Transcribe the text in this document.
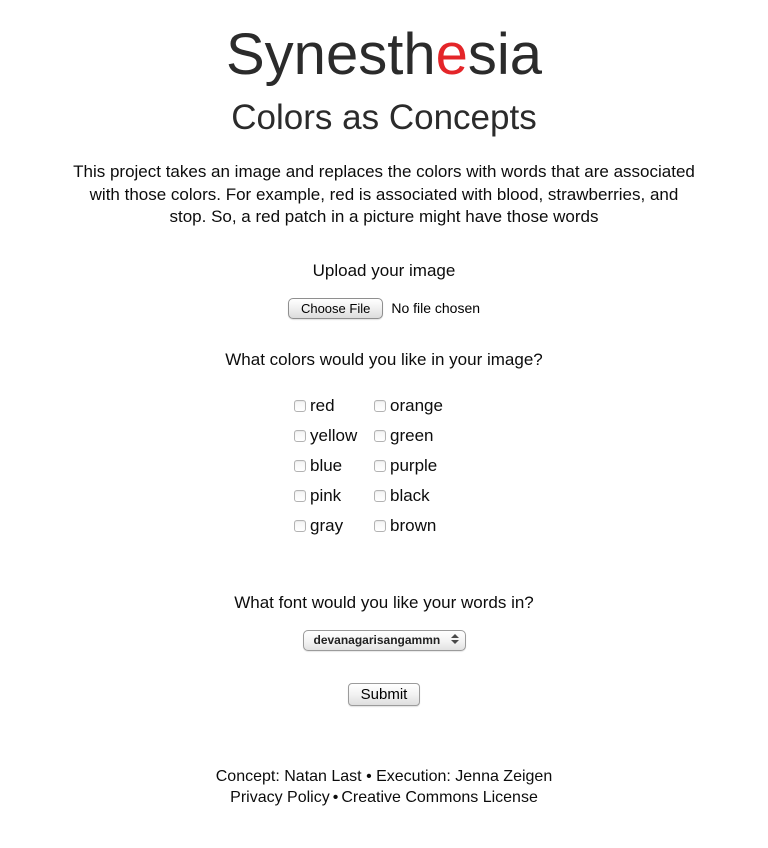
Synesthesia
Colors as Concepts

This project takes an image and replaces the colors with words that are associated with those colors. For example, red is associated with blood, strawberries, and stop. So, a red patch in a picture might have those words

Upload your image
Choose File	No file chosen
What colors would you like in your image?
red	orange
yellow green
blue	purple
pink	black
gray	brown
What font would you like your words in?
devanagarisangammn
Submit
Concept: Natan Last • Execution: Jenna Zeigen
Privacy Policy • Creative Commons License
